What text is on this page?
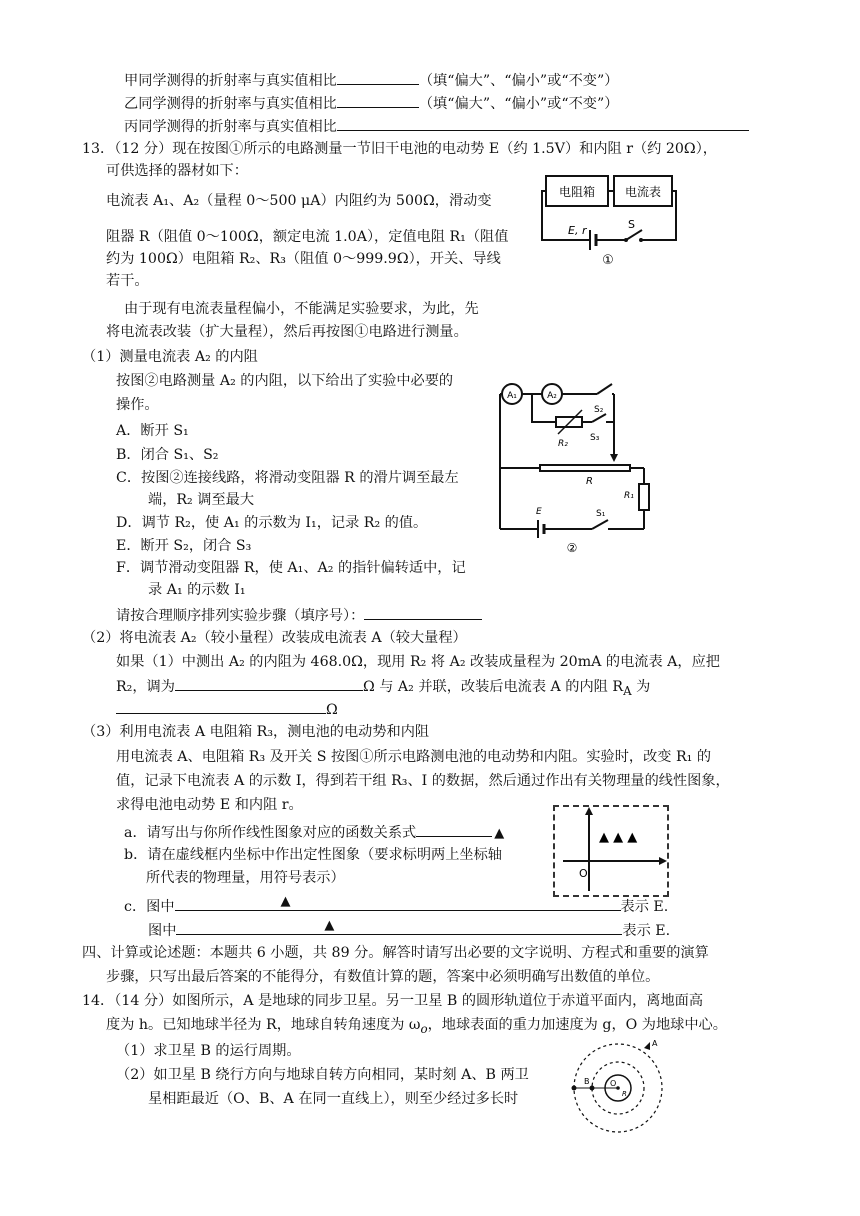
甲同学测得的折射率与真实值相比	（填“偏大”、“偏小”或“不变”）
乙同学测得的折射率与真实值相比	（填“偏大”、“偏小”或“不变”）
丙同学测得的折射率与真实值相比
13．（12 分）现在按图①所示的电路测量一节旧干电池的电动势 E（约 1.5V）和内阻 r（约 20Ω），
可供选择的器材如下：
电流表 A₁、A₂（量程 0～500 μA）内阻约为 500Ω，滑动变
阻器 R（阻值 0～100Ω，额定电流 1.0A），定值电阻 R₁（阻值
约为 100Ω）电阻箱 R₂、R₃（阻值 0～999.9Ω），开关、导线
若干。
由于现有电流表量程偏小，不能满足实验要求，为此，先
将电流表改装（扩大量程），然后再按图①电路进行测量。
（1）测量电流表 A₂ 的内阻
按图②电路测量 A₂ 的内阻，以下给出了实验中必要的
操作。
A．断开 S₁
B．闭合 S₁、S₂
C．按图②连接线路，将滑动变阻器 R 的滑片调至最左
端，R₂ 调至最大
D．调节 R₂，使 A₁ 的示数为 I₁，记录 R₂ 的值。
E．断开 S₂，闭合 S₃
F．调节滑动变阻器 R，使 A₁、A₂ 的指针偏转适中，记
录 A₁ 的示数 I₁
请按合理顺序排列实验步骤（填序号）：
（2）将电流表 A₂（较小量程）改装成电流表 A（较大量程）
如果（1）中测出 A₂ 的内阻为 468.0Ω，现用 R₂ 将 A₂ 改装成量程为 20mA 的电流表 A，应把
R₂，调为	Ω 与 A₂ 并联，改装后电流表 A 的内阻 $R_A$ 为
Ω
（3）利用电流表 A 电阻箱 R₃，测电池的电动势和内阻
用电流表 A、电阻箱 R₃ 及开关 S 按图①所示电路测电池的电动势和内阻。实验时，改变 R₁ 的
值，记录下电流表 A 的示数 I，得到若干组 R₃、I 的数据，然后通过作出有关物理量的线性图象，
求得电池电动势 E 和内阻 r。
a．请写出与你所作线性图象对应的函数关系式	▲
b．请在虚线框内坐标中作出定性图象（要求标明两上坐标轴
所代表的物理量，用符号表示）
c．图中	▲	表示 E.
图中	▲	表示 E.
四、计算或论述题：本题共 6 小题，共 89 分。解答时请写出必要的文字说明、方程式和重要的演算
步骤，只写出最后答案的不能得分，有数值计算的题，答案中必须明确写出数值的单位。
14．（14 分）如图所示，A 是地球的同步卫星。另一卫星 B 的圆形轨道位于赤道平面内，离地面高
度为 h。已知地球半径为 R，地球自转角速度为 $\omega_o$，地球表面的重力加速度为 g，O 为地球中心。
（1）求卫星 B 的运行周期。
（2）如卫星 B 绕行方向与地球自转方向相同，某时刻 A、B 两卫
星相距最近（O、B、A 在同一直线上），则至少经过多长时
电阻箱 电流表
E, r	S
①
A₁	A₂
S₂
R₂
S₃
R
R₁
E	S₁
②
O
▲ ▲ ▲
A
B	O
R
